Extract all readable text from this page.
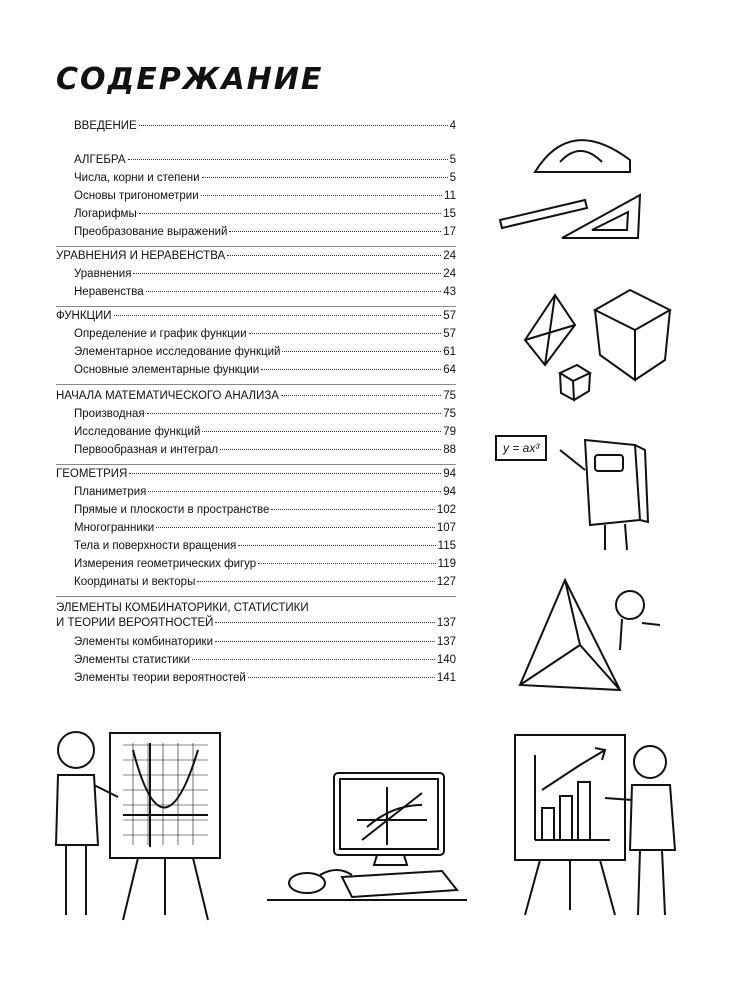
СОДЕРЖАНИЕ
ВВЕДЕНИЕ	4
АЛГЕБРА	5
Числа, корни и степени	5
Основы тригонометрии	11
Логарифмы	15
Преобразование выражений	17
УРАВНЕНИЯ И НЕРАВЕНСТВА	24
Уравнения	24
Неравенства	43
ФУНКЦИИ	57
Определение и график функции	57
Элементарное исследование функций	61
Основные элементарные функции	64
НАЧАЛА МАТЕМАТИЧЕСКОГО АНАЛИЗА	75
Производная	75
Исследование функций	79
Первообразная и интеграл	88
ГЕОМЕТРИЯ	94
Планиметрия	94
Прямые и плоскости в пространстве	102
Многогранники	107
Тела и поверхности вращения	115
Измерения геометрических фигур	119
Координаты и векторы	127
ЭЛЕМЕНТЫ КОМБИНАТОРИКИ, СТАТИСТИКИ
И ТЕОРИИ ВЕРОЯТНОСТЕЙ	137
Элементы комбинаторики	137
Элементы статистики	140
Элементы теории вероятностей	141
y = ax³
